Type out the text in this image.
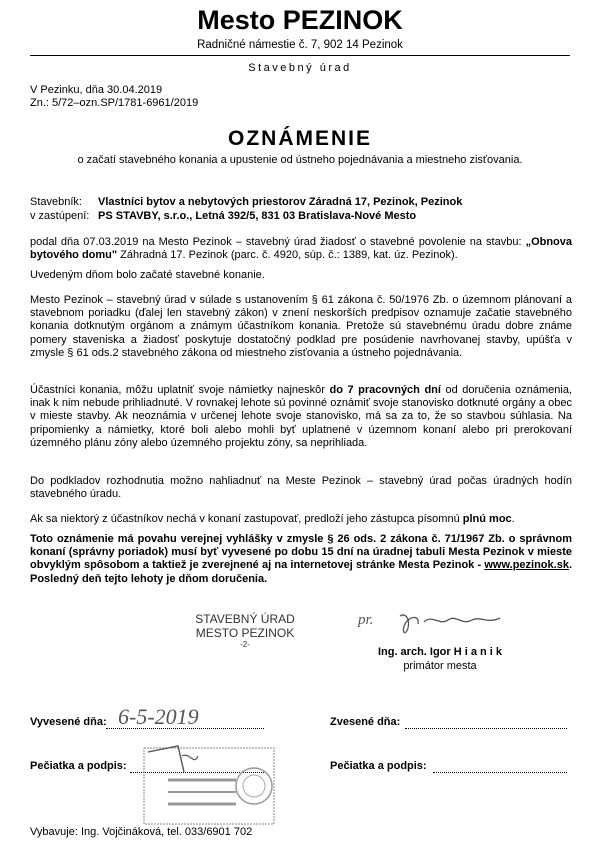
Mesto PEZINOK
Radničné námestie č. 7, 902 14 Pezinok
Stavebný úrad
V Pezinku, dňa 30.04.2019
Zn.: 5/72–ozn.SP/1781-6961/2019
OZNÁMENIE
o začatí stavebného konania a upustenie od ústneho pojednávania a miestneho zisťovania.
Stavebník: Vlastníci bytov a nebytových priestorov Záradná 17, Pezinok, Pezinok
v zastúpení: PS STAVBY, s.r.o., Letná 392/5, 831 03 Bratislava-Nové Mesto

podal dňa 07.03.2019 na Mesto Pezinok – stavebný úrad žiadosť o stavebné povolenie na stavbu: „Obnova bytového domu" Záhradná 17. Pezinok (parc. č. 4920, súp. č.: 1389, kat. úz. Pezinok).

Uvedeným dňom bolo začaté stavebné konanie.

Mesto Pezinok – stavebný úrad v súlade s ustanovením § 61 zákona č. 50/1976 Zb. o územnom plánovaní a stavebnom poriadku (ďalej len stavebný zákon) v znení neskorších predpisov oznamuje začatie stavebného konania dotknutým orgánom a známym účastníkom konania. Pretože sú stavebnému úradu dobre známe pomery staveniska a žiadosť poskytuje dostatočný podklad pre posúdenie navrhovanej stavby, upúšťa v zmysle § 61 ods.2 stavebného zákona od miestneho zisťovania a ústneho pojednávania.

Účastníci konania, môžu uplatniť svoje námietky najneskôr do 7 pracovných dní od doručenia oznámenia, inak k nim nebude prihliadnuté. V rovnakej lehote sú povinné oznámiť svoje stanovisko dotknuté orgány a obec v mieste stavby. Ak neoznámia v určenej lehote svoje stanovisko, má sa za to, že so stavbou súhlasia. Na pripomienky a námietky, ktoré boli alebo mohli byť uplatnené v územnom konaní alebo pri prerokovaní územného plánu zóny alebo územného projektu zóny, sa neprihliada.

Do podkladov rozhodnutia možno nahliadnuť na Meste Pezinok – stavebný úrad počas úradných hodín stavebného úradu.

Ak sa niektorý z účastníkov nechá v konaní zastupovať, predloží jeho zástupca písomnú plnú moc.

Toto oznámenie má povahu verejnej vyhlášky v zmysle § 26 ods. 2 zákona č. 71/1967 Zb. o správnom konaní (správny poriadok) musí byť vyvesené po dobu 15 dní na úradnej tabuli Mesta Pezinok v mieste obvyklým spôsobom a taktiež je zverejnené aj na internetovej stránke Mesta Pezinok - www.pezinok.sk. Posledný deň tejto lehoty je dňom doručenia.

STAVEBNÝ ÚRAD
MESTO PEZINOK
-2-
pr.
Ing. arch. Igor H i a n i k
primátor mesta
Vyvesené dňa: 6-5-2019	Zvesené dňa:
Pečiatka a podpis:	Pečiatka a podpis:
Vybavuje: Ing. Vojčináková, tel. 033/6901 702
